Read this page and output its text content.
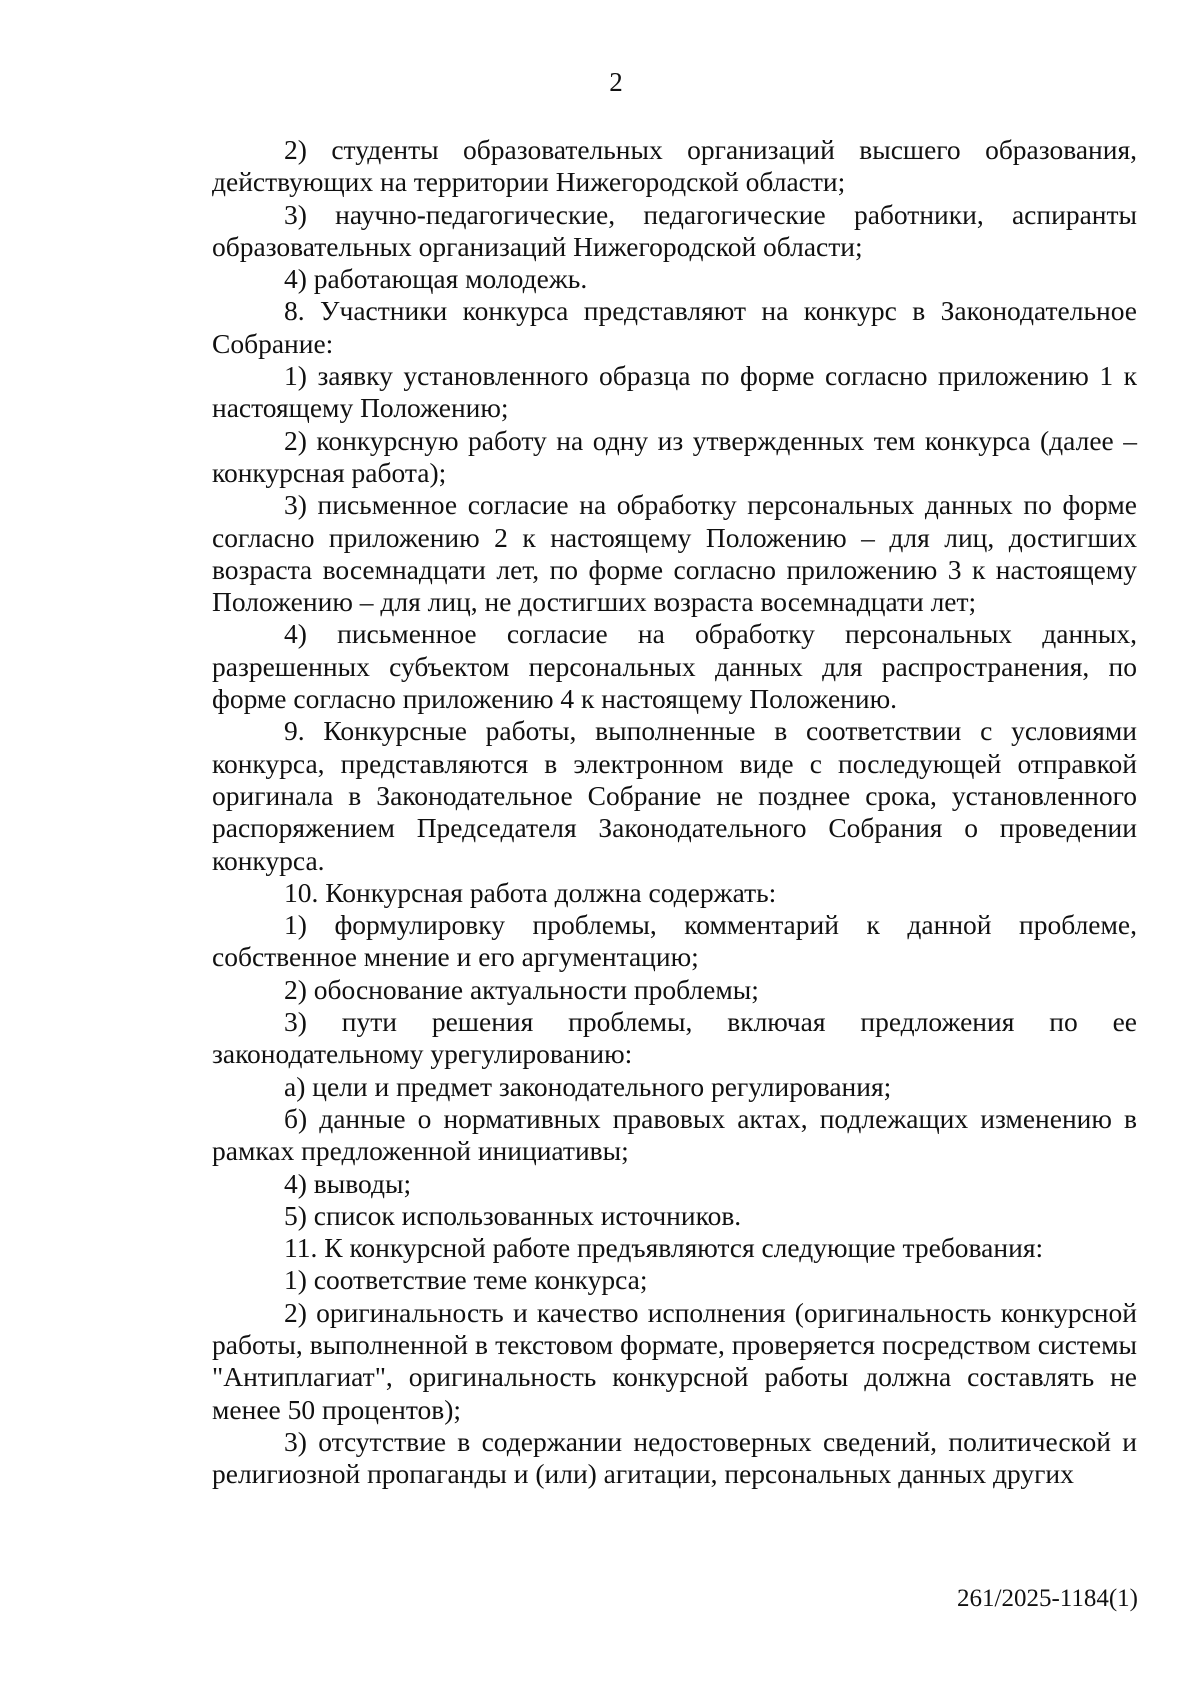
2

2) студенты образовательных организаций высшего образования, действующих на территории Нижегородской области;

3) научно-педагогические, педагогические работники, аспиранты образовательных организаций Нижегородской области;

4) работающая молодежь.

8. Участники конкурса представляют на конкурс в Законодательное Собрание:

1) заявку установленного образца по форме согласно приложению 1 к настоящему Положению;

2) конкурсную работу на одну из утвержденных тем конкурса (далее – конкурсная работа);

3) письменное согласие на обработку персональных данных по форме согласно приложению 2 к настоящему Положению – для лиц, достигших возраста восемнадцати лет, по форме согласно приложению 3 к настоящему Положению – для лиц, не достигших возраста восемнадцати лет;

4) письменное согласие на обработку персональных данных, разрешенных субъектом персональных данных для распространения, по форме согласно приложению 4 к настоящему Положению.

9. Конкурсные работы, выполненные в соответствии с условиями конкурса, представляются в электронном виде с последующей отправкой оригинала в Законодательное Собрание не позднее срока, установленного распоряжением Председателя Законодательного Собрания о проведении конкурса.

10. Конкурсная работа должна содержать:

1) формулировку проблемы, комментарий к данной проблеме, собственное мнение и его аргументацию;

2) обоснование актуальности проблемы;

3) пути решения проблемы, включая предложения по ее законодательному урегулированию:

а) цели и предмет законодательного регулирования;

б) данные о нормативных правовых актах, подлежащих изменению в рамках предложенной инициативы;

4) выводы;

5) список использованных источников.

11. К конкурсной работе предъявляются следующие требования:

1) соответствие теме конкурса;

2) оригинальность и качество исполнения (оригинальность конкурсной работы, выполненной в текстовом формате, проверяется посредством системы "Антиплагиат", оригинальность конкурсной работы должна составлять не менее 50 процентов);

3) отсутствие в содержании недостоверных сведений, политической и религиозной пропаганды и (или) агитации, персональных данных других

261/2025-1184(1)
